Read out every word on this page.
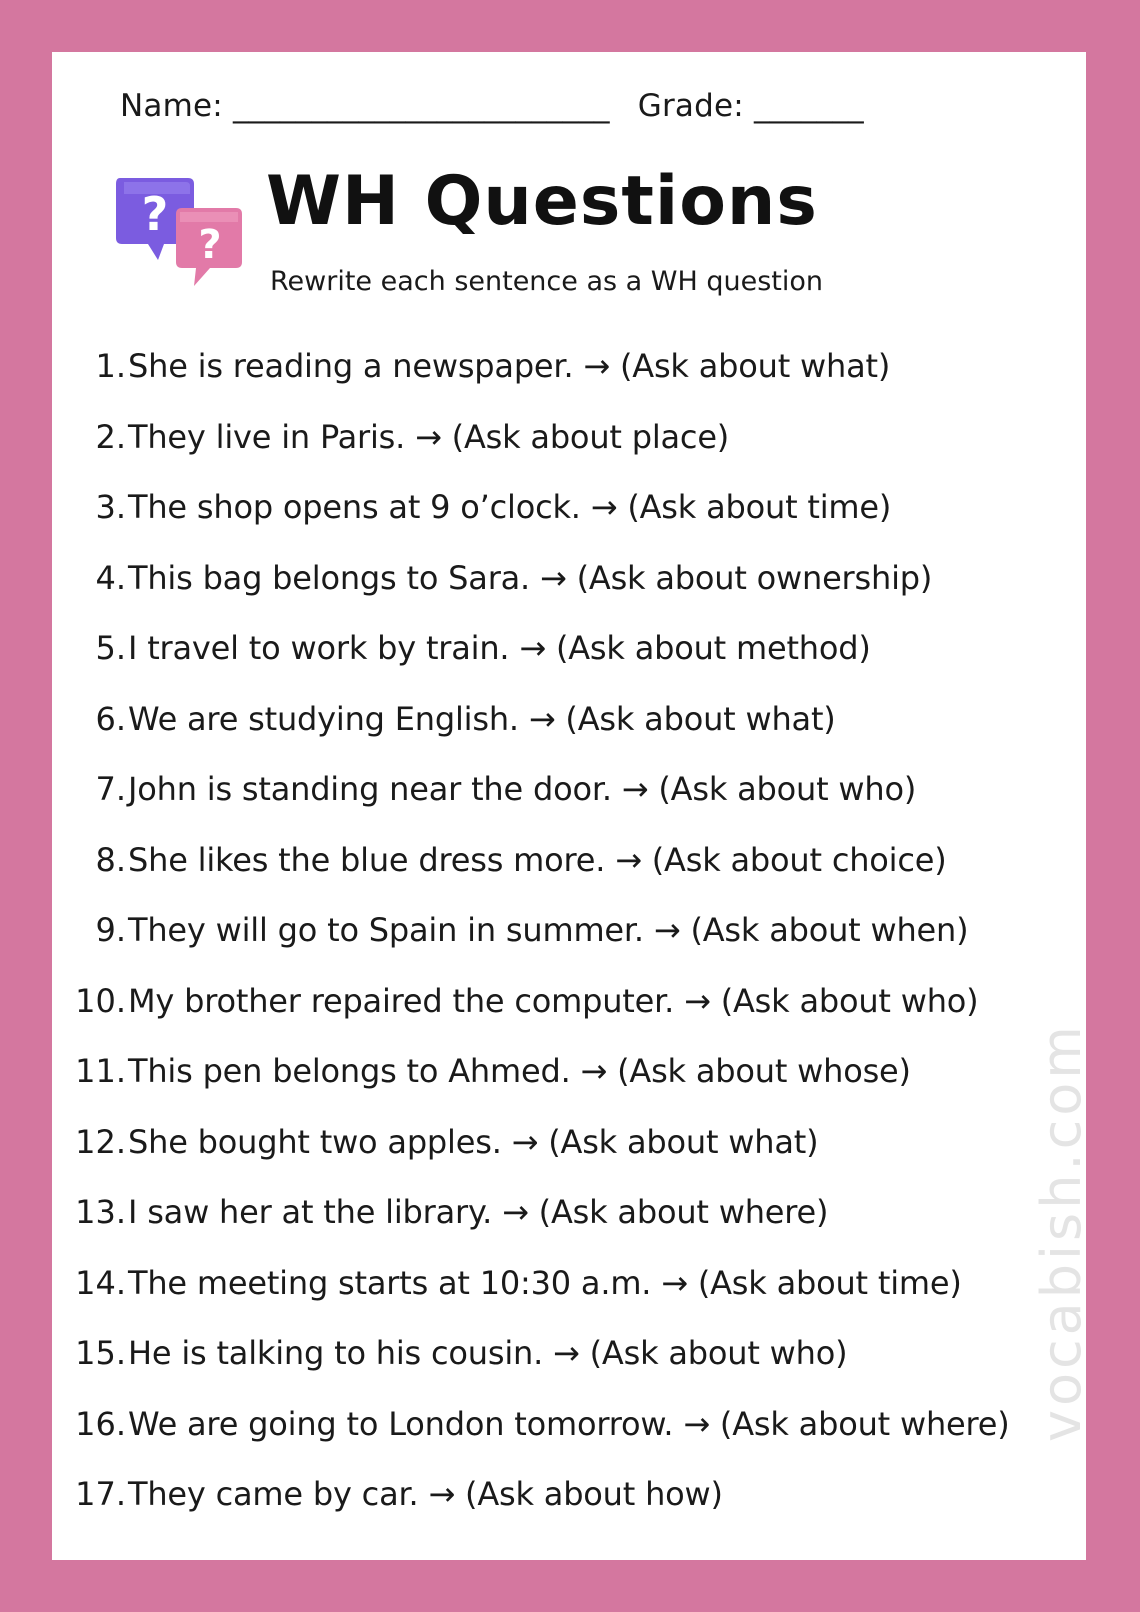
Name: ________________________ Grade: _______
?
?
WH Questions
Rewrite each sentence as a WH question
1. She is reading a newspaper. → (Ask about what)
2. They live in Paris. → (Ask about place)
3. The shop opens at 9 o’clock. → (Ask about time)
4. This bag belongs to Sara. → (Ask about ownership)
5. I travel to work by train. → (Ask about method)
6. We are studying English. → (Ask about what)
7. John is standing near the door. → (Ask about who)
8. She likes the blue dress more. → (Ask about choice)
9. They will go to Spain in summer. → (Ask about when)
10. My brother repaired the computer. → (Ask about who)
11. This pen belongs to Ahmed. → (Ask about whose)
12. She bought two apples. → (Ask about what)
13. I saw her at the library. → (Ask about where)
14. The meeting starts at 10:30 a.m. → (Ask about time)
15. He is talking to his cousin. → (Ask about who)
16. We are going to London tomorrow. → (Ask about where)
17. They came by car. → (Ask about how)
vocabish.com
